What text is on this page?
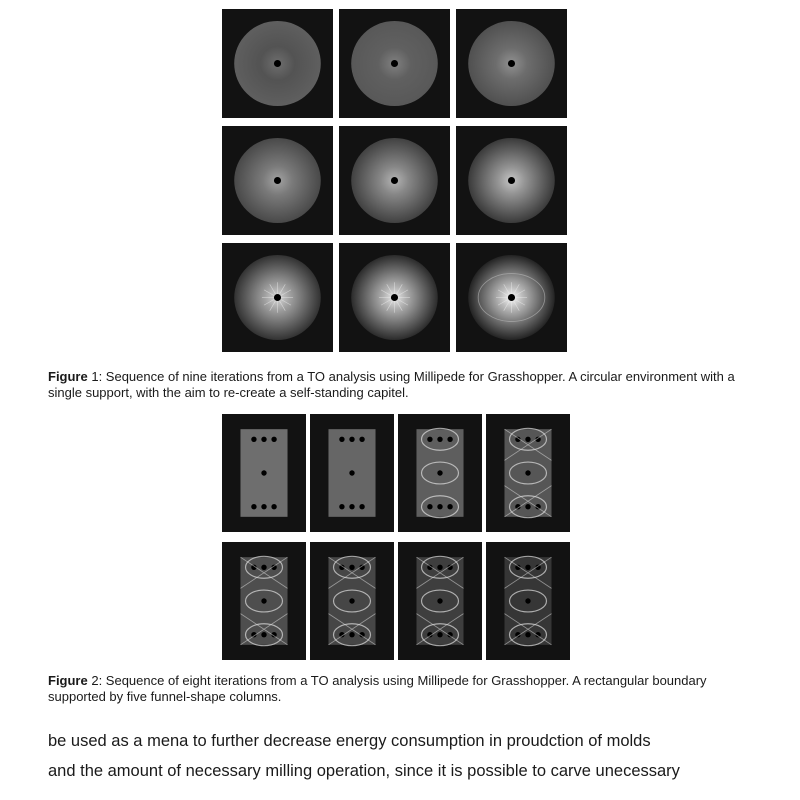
Figure 1: Sequence of nine iterations from a TO analysis using Millipede for Grasshopper. A circular environment with a single support, with the aim to re-create a self-standing capitel.

Figure 2: Sequence of eight iterations from a TO analysis using Millipede for Grasshopper. A rectangular boundary supported by five funnel-shape columns.

be used as a mena to further decrease energy consumption in proudction of molds
and the amount of necessary milling operation, since it is possible to carve unecessary
